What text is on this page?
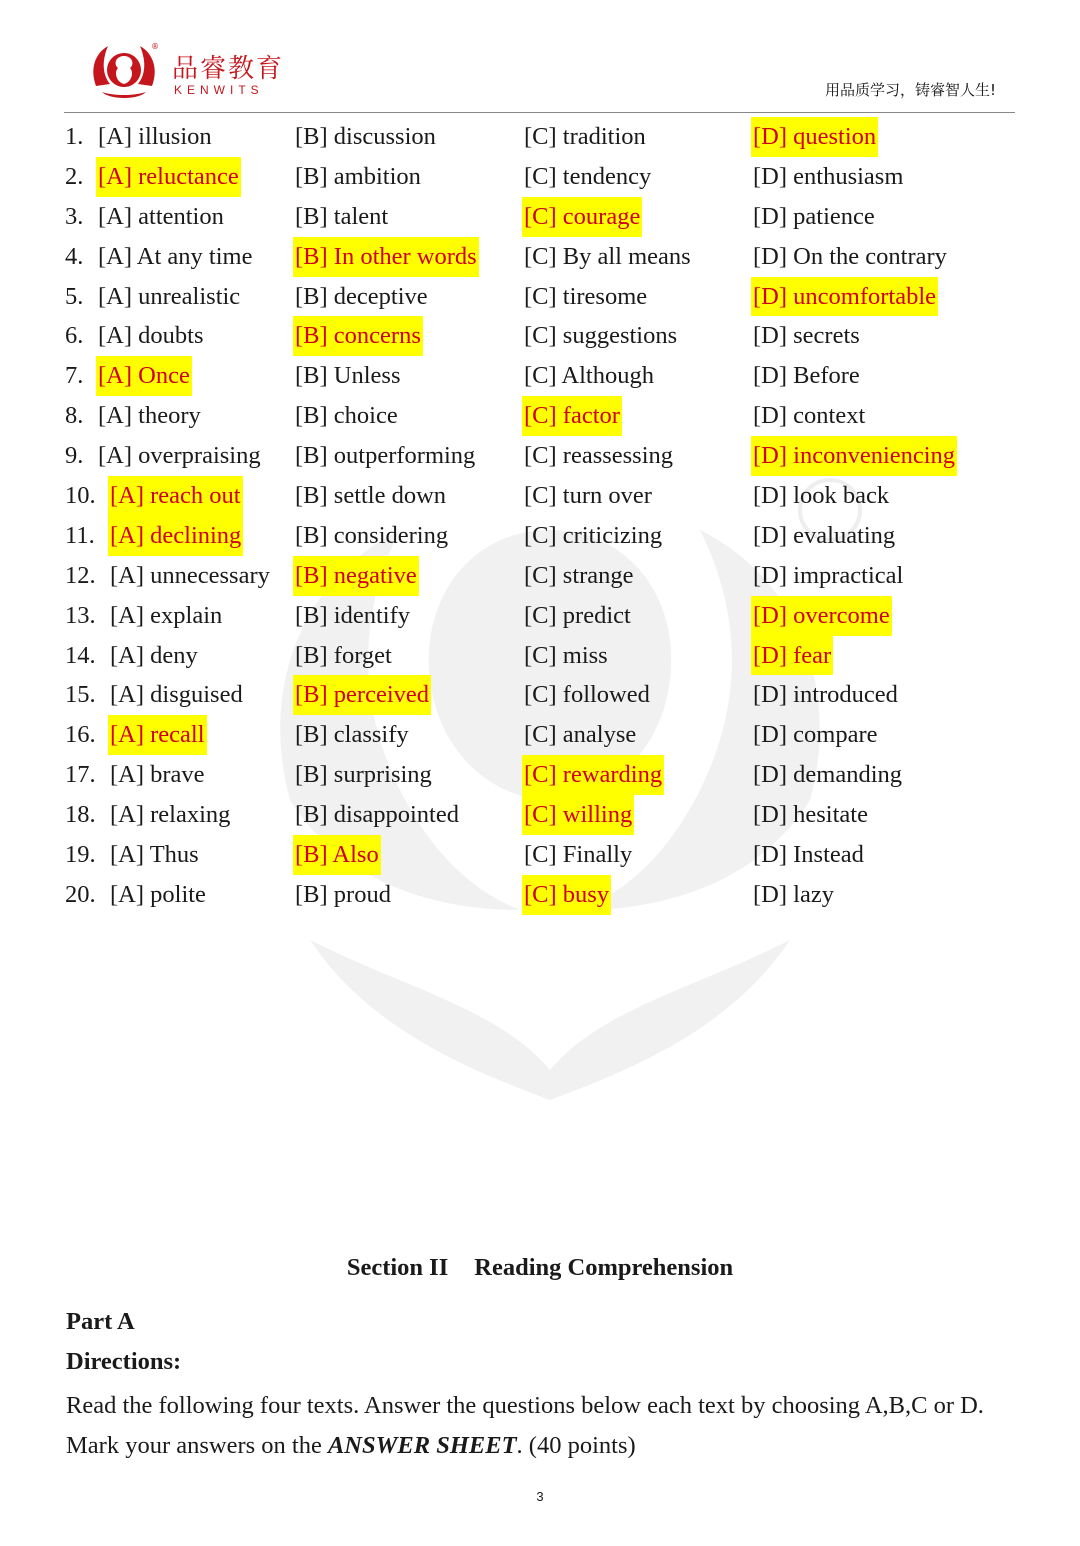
®
品睿教育
KENWITS	用品质学习，铸睿智人生!
1. [A] illusion	[B] discussion	[C] tradition	[D] question
2. [A] reluctance [B] ambition	[C] tendency	[D] enthusiasm
3. [A] attention	[B] talent	[C] courage	[D] patience
4. [A] At any time [B] In other words [C] By all means	[D] On the contrary
5. [A] unrealistic [B] deceptive	[C] tiresome	[D] uncomfortable
6. [A] doubts	[B] concerns	[C] suggestions	[D] secrets
7. [A] Once	[B] Unless	[C] Although	[D] Before
8. [A] theory	[B] choice	[C] factor	[D] context
9. [A] overpraising [B] outperforming [C] reassessing	[D] inconveniencing
10. [A] reach out [B] settle down	[C] turn over	[D] look back
11. [A] declining [B] considering	[C] criticizing	[D] evaluating
12. [A] unnecessary [B] negative	[C] strange	[D] impractical
13. [A] explain	[B] identify	[C] predict	[D] overcome
14. [A] deny	[B] forget	[C] miss	[D] fear
15. [A] disguised [B] perceived	[C] followed	[D] introduced
16. [A] recall	[B] classify	[C] analyse	[D] compare
17. [A] brave	[B] surprising	[C] rewarding	[D] demanding
18. [A] relaxing	[B] disappointed	[C] willing	[D] hesitate
19. [A] Thus	[B] Also	[C] Finally	[D] Instead
20. [A] polite	[B] proud	[C] busy	[D] lazy
Section II Reading Comprehension
Part A
Directions:
Read the following four texts. Answer the questions below each text by choosing A,B,C or D.
Mark your answers on the ANSWER SHEET. (40 points)
3
